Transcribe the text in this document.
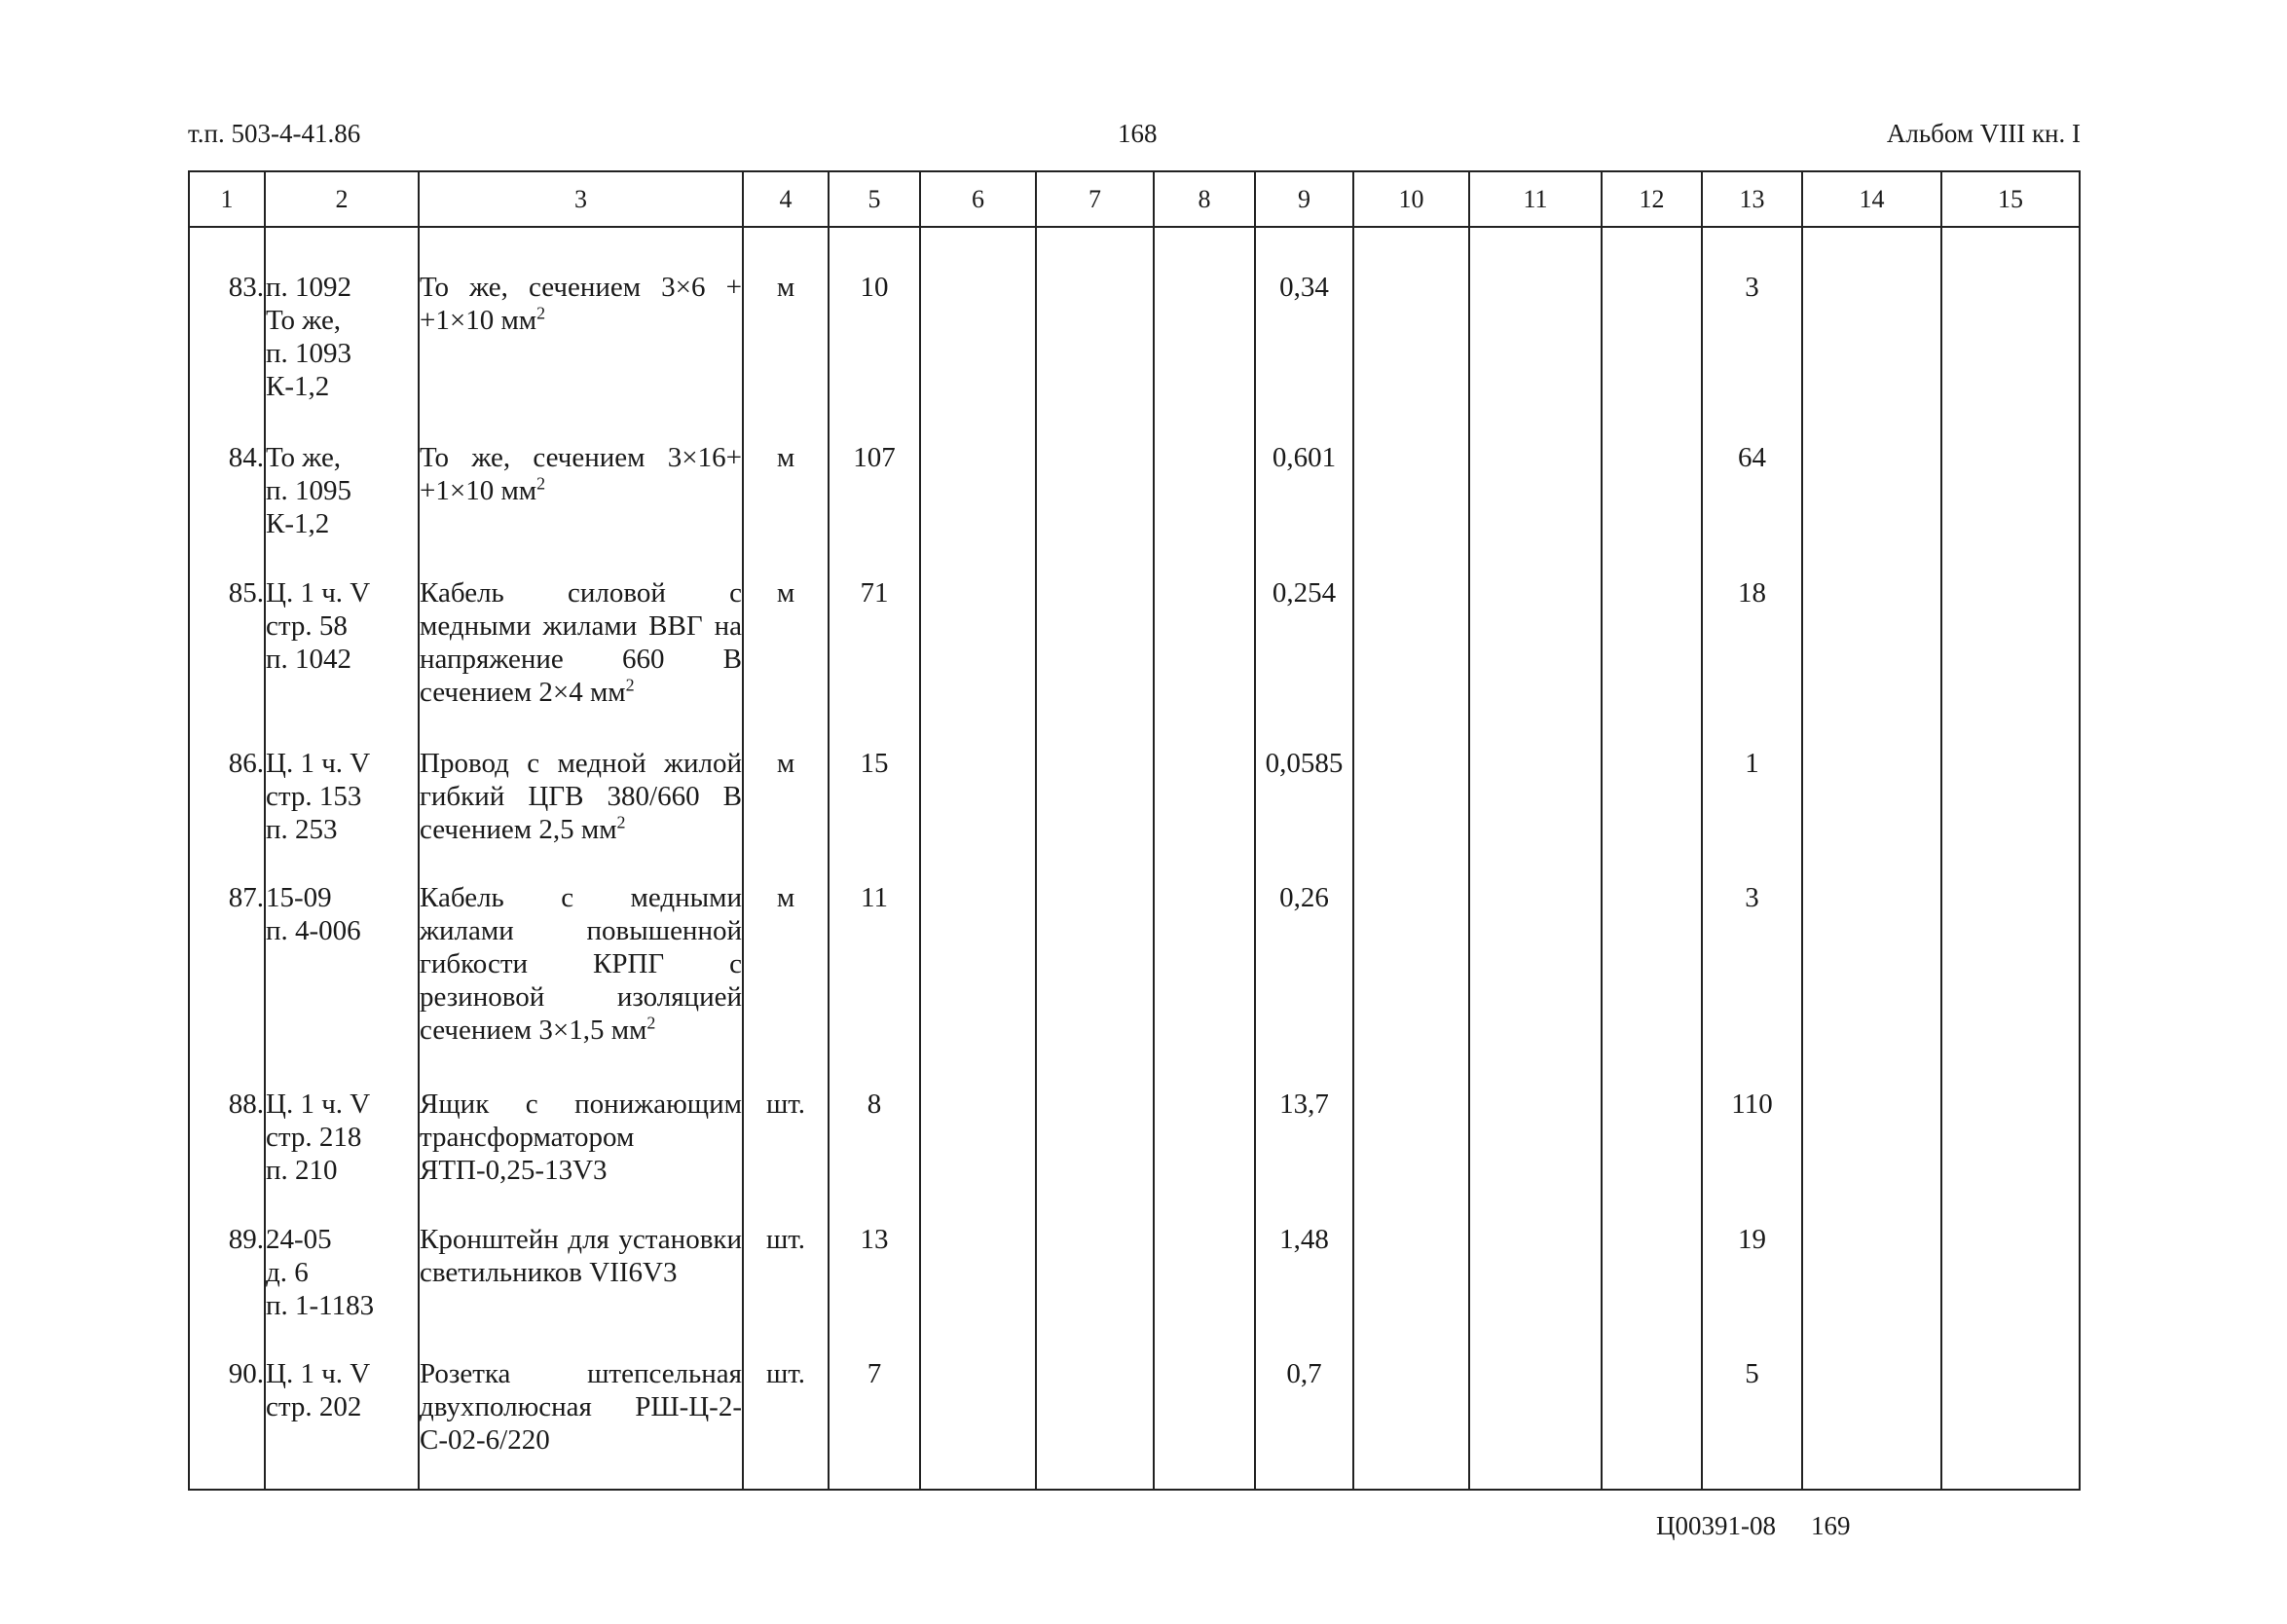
т.п. 503-4-41.86	168	Альбом VIII кн. I
1	2	3	4	5	6	7	8	9	10	11	12	13	14	15

83.	п. 1092
То же,
п. 1093
К-1,2	То же, сечением 3×6 + +1×10 $мм^2$	м	10				0,34				3		
84.	То же,
п. 1095
К-1,2	То же, сечением 3×16+ +1×10 $мм^2$	м	107				0,601				64		
85.	Ц. 1 ч. V
стр. 58
п. 1042	Кабель силовой с медными жилами ВВГ на напряжение 660 В сечением 2×4 $мм^2$	м	71				0,254				18		
86.	Ц. 1 ч. V
стр. 153
п. 253	Провод с медной жилой гибкий ЦГВ 380/660 В сечением 2,5 $мм^2$	м	15				0,0585				1		
87.	15-09
п. 4-006	Кабель с медными жилами повышенной гибкости КРПГ с резиновой изоляцией сечением 3×1,5 $мм^2$	м	11				0,26				3		
88.	Ц. 1 ч. V
стр. 218
п. 210	Ящик с понижающим трансформатором ЯТП-0,25-13V3	шт.	8				13,7				110		
89.	24-05
д. 6
п. 1-1183	Кронштейн для установки светильников VII6V3	шт.	13				1,48				19		
90.	Ц. 1 ч. V
стр. 202	Розетка штепсельная двухполюсная РШ-Ц-2-С-02-6/220	шт.	7				0,7				5		

Ц00391-08 169
